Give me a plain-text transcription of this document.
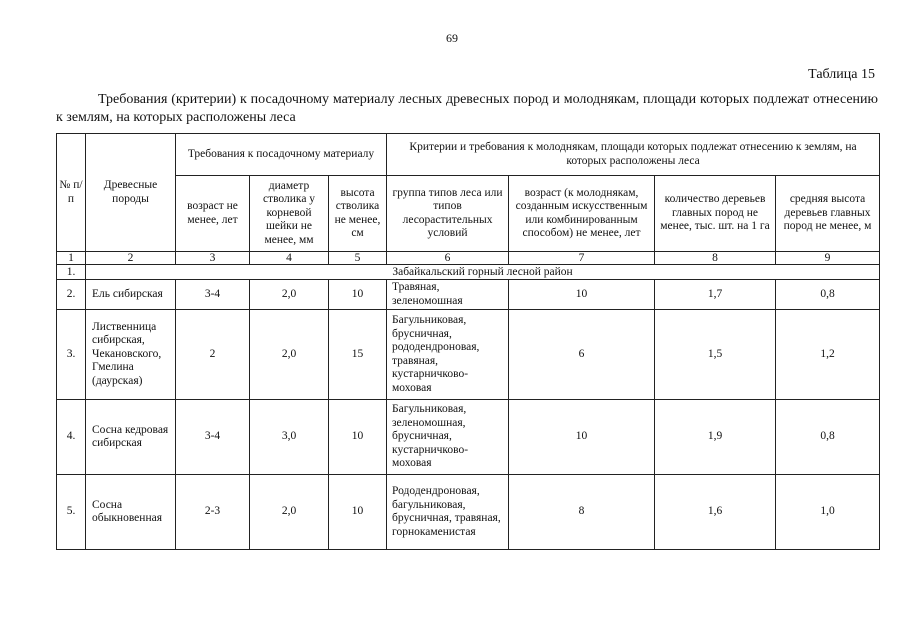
69
Таблица 15
Требования (критерии) к посадочному материалу лесных древесных пород и молоднякам, площади которых подлежат отнесению к землям, на которых расположены леса
№ п/п	Древесные породы	Требования к посадочному материалу			Критерии и требования к молоднякам, площади которых подлежат отнесению к землям, на которых расположены леса			
		возраст не менее, лет	диаметр стволика у корневой шейки не менее, мм	высота стволика не менее, см	группа типов леса или типов лесорастительных условий	возраст (к молоднякам, созданным искусственным или комбинированным способом) не менее, лет	количество деревьев главных пород не менее, тыс. шт. на 1 га	средняя высота деревьев главных пород не менее, м
1	2	3	4	5	6	7	8	9
1.	Забайкальский горный лесной район							
2.	Ель сибирская	3-4	2,0	10	Травяная, зеленомошная	10	1,7	0,8
3.	Лиственница сибирская, Чекановского, Гмелина (даурская)	2	2,0	15	Багульниковая, брусничная, рододендроновая, травяная, кустарничково-моховая	6	1,5	1,2
4.	Сосна кедровая сибирская	3-4	3,0	10	Багульниковая, зеленомошная, брусничная, кустарничково-моховая	10	1,9	0,8
5.	Сосна обыкновенная	2-3	2,0	10	Рододендроновая, багульниковая, брусничная, травяная, горнокаменистая	8	1,6	1,0
